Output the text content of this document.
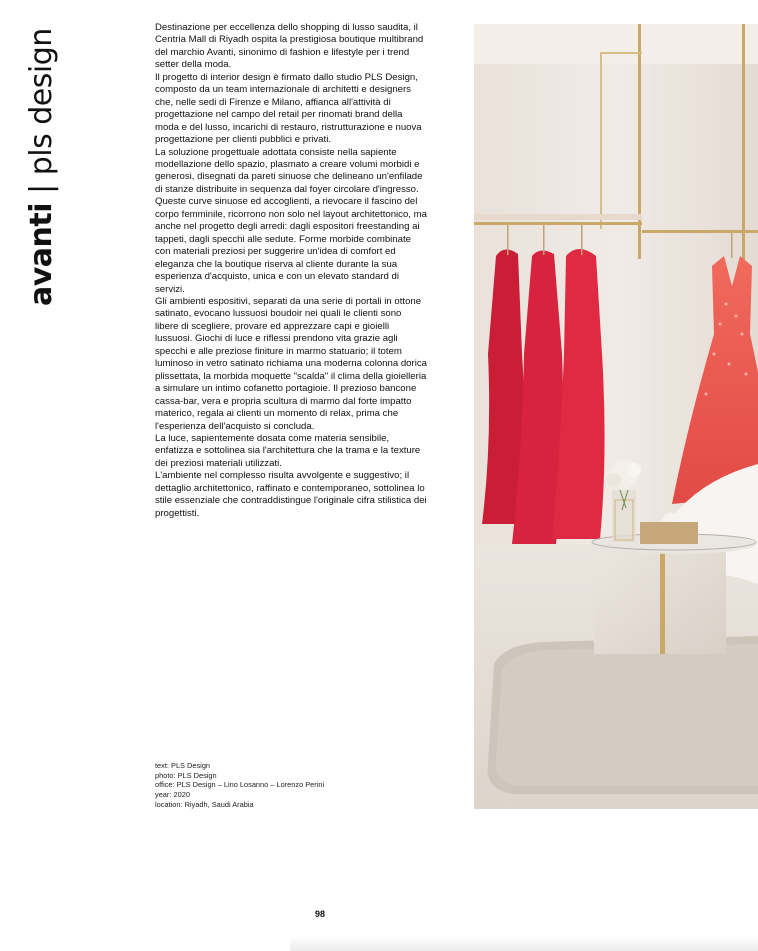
avanti | pls design

Destinazione per eccellenza dello shopping di lusso saudita, il Centria Mall di Riyadh ospita la prestigiosa boutique multibrand del marchio Avanti, sinonimo di fashion e lifestyle per i trend setter della moda.

Il progetto di interior design è firmato dallo studio PLS Design, composto da un team internazionale di architetti e designers che, nelle sedi di Firenze e Milano, affianca all'attività di progettazione nel campo del retail per rinomati brand della moda e del lusso, incarichi di restauro, ristrutturazione e nuova progettazione per clienti pubblici e privati.

La soluzione progettuale adottata consiste nella sapiente modellazione dello spazio, plasmato a creare volumi morbidi e generosi, disegnati da pareti sinuose che delineano un'enfilade di stanze distribuite in sequenza dal foyer circolare d'ingresso.

Queste curve sinuose ed accoglienti, a rievocare il fascino del corpo femminile, ricorrono non solo nel layout architettonico, ma anche nel progetto degli arredi: dagli espositori freestanding ai tappeti, dagli specchi alle sedute. Forme morbide combinate con materiali preziosi per suggerire un'idea di comfort ed eleganza che la boutique riserva al cliente durante la sua esperienza d'acquisto, unica e con un elevato standard di servizi.

Gli ambienti espositivi, separati da una serie di portali in ottone satinato, evocano lussuosi boudoir nei quali le clienti sono libere di scegliere, provare ed apprezzare capi e gioielli lussuosi. Giochi di luce e riflessi prendono vita grazie agli specchi e alle preziose finiture in marmo statuario; il totem luminoso in vetro satinato richiama una moderna colonna dorica plissettata, la morbida moquette "scalda" il clima della gioielleria a simulare un intimo cofanetto portagioie. Il prezioso bancone cassa-bar, vera e propria scultura di marmo dal forte impatto materico, regala ai clienti un momento di relax, prima che l'esperienza dell'acquisto si concluda.

La luce, sapientemente dosata come materia sensibile, enfatizza e sottolinea sia l'architettura che la trama e la texture dei preziosi materiali utilizzati.

L'ambiente nel complesso risulta avvolgente e suggestivo; il dettaglio architettonico, raffinato e contemporaneo, sottolinea lo stile essenziale che contraddistingue l'originale cifra stilistica dei progettisti.

text: PLS Design
photo: PLS Design
office: PLS Design – Lino Losanno – Lorenzo Perini
year: 2020
location: Riyadh, Saudi Arabia
98
